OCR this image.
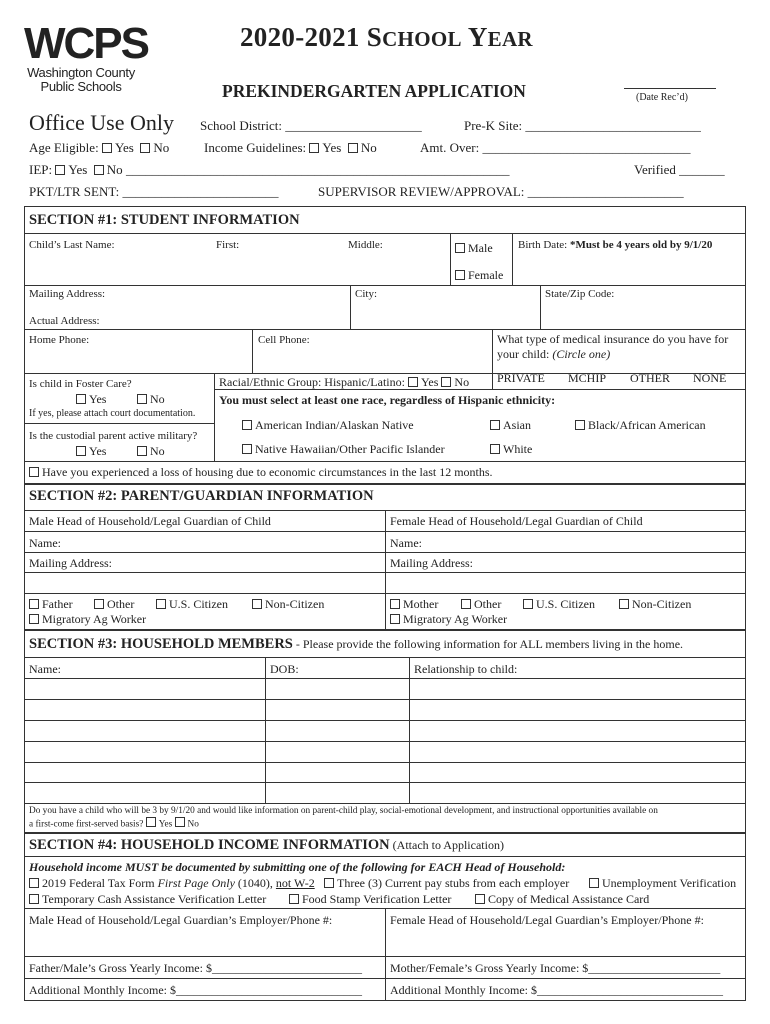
WCPS
Washington County
Public Schools
2020-2021 SCHOOL YEAR
PREKINDERGARTEN APPLICATION	(Date Rec’d)
Office Use Only School District: _____________________	Pre-K Site: ___________________________
Age Eligible: Yes No	Income Guidelines: Yes No	Amt. Over: ________________________________
IEP: Yes No ___________________________________________________________	Verified _______
PKT/LTR SENT: ________________________	SUPERVISOR REVIEW/APPROVAL: ________________________
SECTION #1: STUDENT INFORMATION
Child’s Last Name:	First:	Middle:	Male
Female
Birth Date: *Must be 4 years old by 9/1/20
Mailing Address:	City:	State/Zip Code:
Actual Address:
Home Phone:	Cell Phone:	What type of medical insurance do you have for
your child: (Circle one)
PRIVATE MCHIP OTHER NONE
Is child in Foster Care?
Yes	No
If yes, please attach court documentation.
Is the custodial parent active military?
Yes	No
Racial/Ethnic Group: Hispanic/Latino: Yes No
You must select at least one race, regardless of Hispanic ethnicity:
American Indian/Alaskan Native	Asian	Black/African American
Native Hawaiian/Other Pacific Islander	White
Have you experienced a loss of housing due to economic circumstances in the last 12 months.
SECTION #2: PARENT/GUARDIAN INFORMATION
Male Head of Household/Legal Guardian of Child	Female Head of Household/Legal Guardian of Child
Name:	Name:
Mailing Address:	Mailing Address:
Father	Other	U.S. Citizen	Non-Citizen
Migratory Ag Worker
Mother	Other	U.S. Citizen	Non-Citizen
Migratory Ag Worker
SECTION #3: HOUSEHOLD MEMBERS - Please provide the following information for ALL members living in the home.
Name:	DOB:	Relationship to child:
Do you have a child who will be 3 by 9/1/20 and would like information on parent-child play, social-emotional development, and instructional opportunities available on
a first-come first-served basis? Yes No
SECTION #4: HOUSEHOLD INCOME INFORMATION (Attach to Application)
Household income MUST be documented by submitting one of the following for EACH Head of Household:
2019 Federal Tax Form First Page Only (1040), not W-2	Three (3) Current pay stubs from each employer	Unemployment Verification
Temporary Cash Assistance Verification Letter	Food Stamp Verification Letter	Copy of Medical Assistance Card
Male Head of Household/Legal Guardian’s Employer/Phone #:	Female Head of Household/Legal Guardian’s Employer/Phone #:
Father/Male’s Gross Yearly Income: $_________________________ Mother/Female’s Gross Yearly Income: $______________________
Additional Monthly Income: $_______________________________ Additional Monthly Income: $_______________________________
